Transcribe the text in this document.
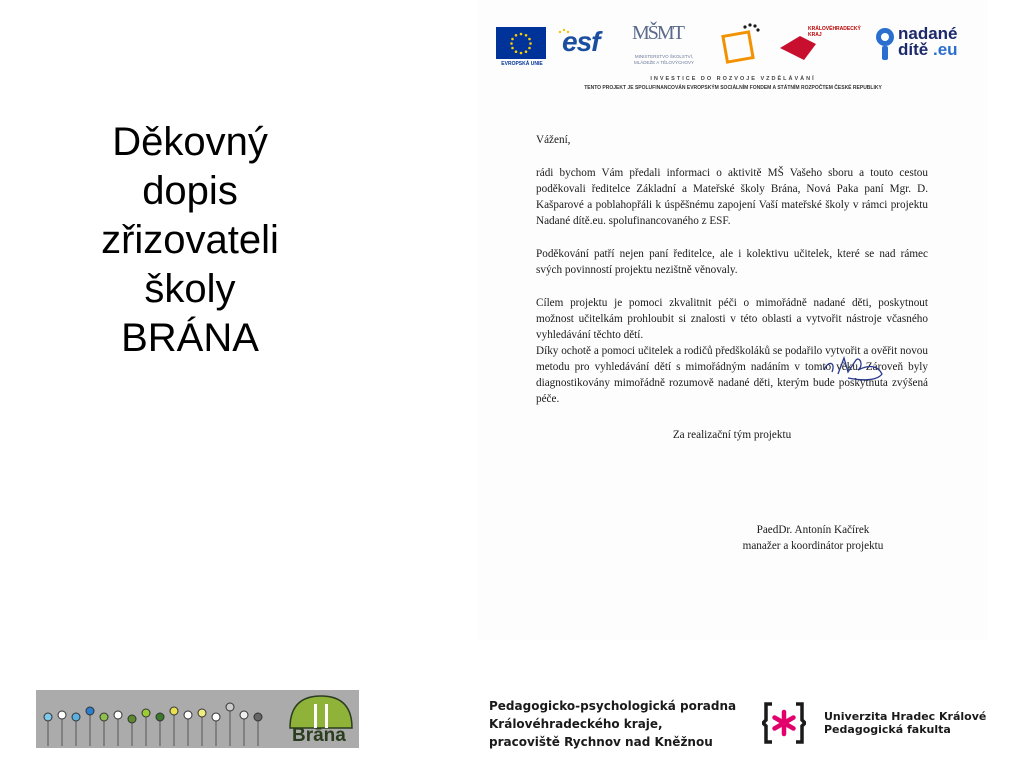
Děkovný
dopis
zřizovateli
školy
BRÁNA
EVROPSKÁ UNIE
esf MŠMT
MINISTERSTVO ŠKOLSTVÍ, MLÁDEŽE A TĚLOVÝCHOVY
KRÁLOVÉHRADECKÝ KRAJ	nadané
dítě .eu
INVESTICE DO ROZVOJE VZDĚLÁVÁNÍ
TENTO PROJEKT JE SPOLUFINANCOVÁN EVROPSKÝM SOCIÁLNÍM FONDEM A STÁTNÍM ROZPOČTEM ČESKÉ REPUBLIKY

Vážení,

rádi bychom Vám předali informaci o aktivitě MŠ Vašeho sboru a touto cestou poděkovali ředitelce Základní a Mateřské školy Brána, Nová Paka paní Mgr. D. Kašparové a poblahopřáli k úspěšnému zapojení Vaší mateřské školy v rámci projektu Nadané dítě.eu. spolufinancovaného z ESF.

Poděkování patří nejen paní ředitelce, ale i kolektivu učitelek, které se nad rámec svých povinností projektu nezištně věnovaly.

Cílem projektu je pomoci zkvalitnit péči o mimořádně nadané děti, poskytnout možnost učitelkám prohloubit si znalosti v této oblasti a vytvořit nástroje včasného vyhledávání těchto dětí.

Díky ochotě a pomoci učitelek a rodičů předškoláků se podařilo vytvořit a ověřit novou metodu pro vyhledávání dětí s mimořádným nadáním v tomto věku. Zároveň byly diagnostikovány mimořádně rozumově nadané děti, kterým bude poskytnuta zvýšená péče.

Za realizační tým projektu

PaedDr. Antonín Kačírek
manažer a koordinátor projektu
Brāna
Pedagogicko-psychologická poradna
Královéhradeckého kraje,
pracoviště Rychnov nad Kněžnou
Univerzita Hradec Králové
Pedagogická fakulta
